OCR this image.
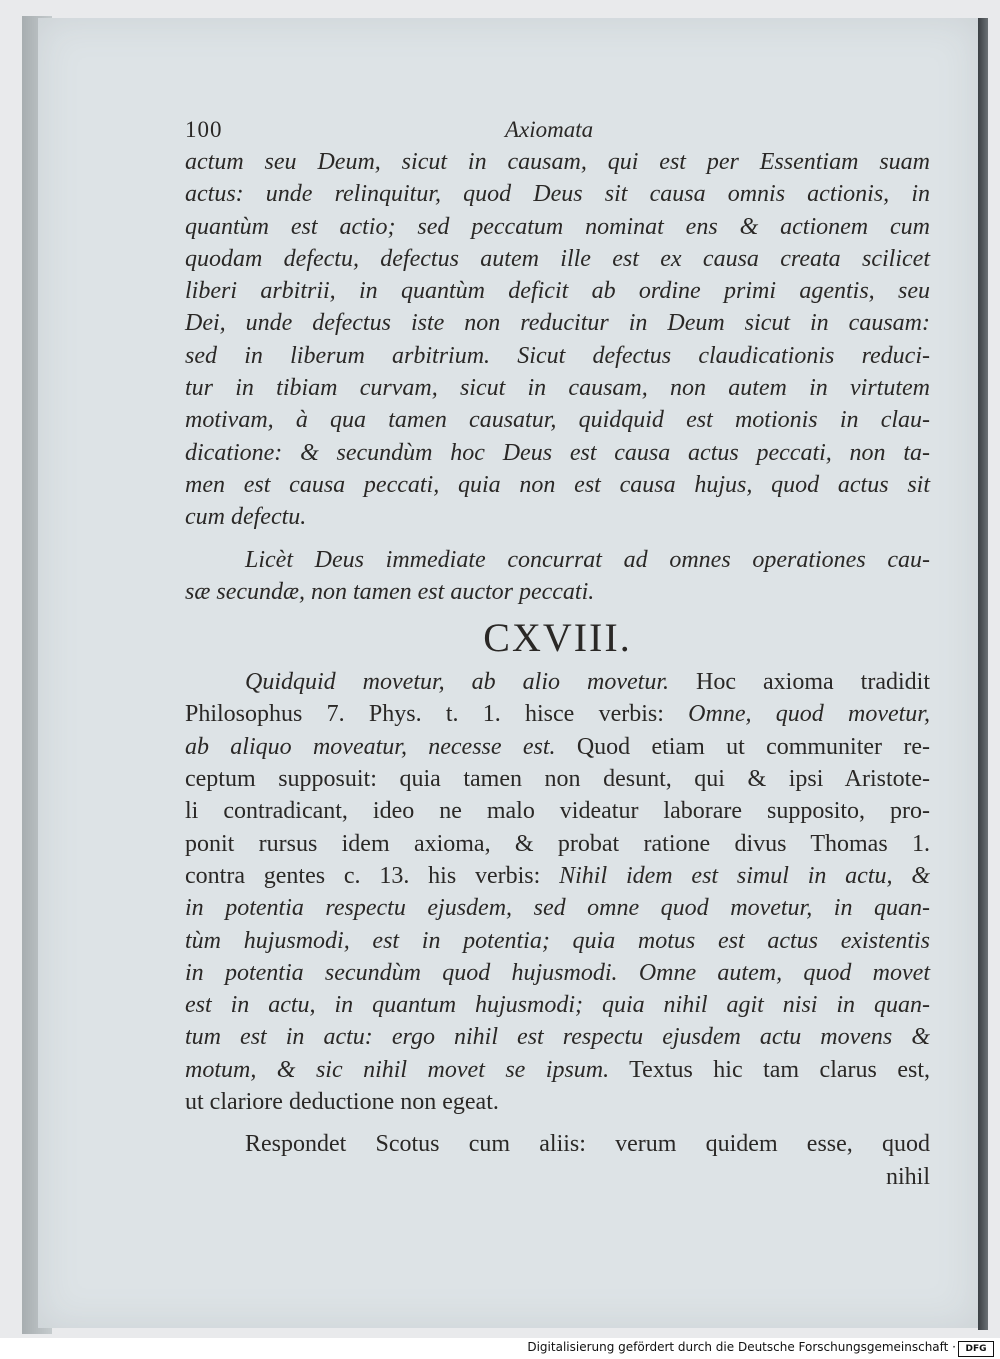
100	Axiomata
actum seu Deum, sicut in causam, qui est per Essentiam suam
actus: unde relinquitur, quod Deus sit causa omnis actionis, in
quantùm est actio; sed peccatum nominat ens & actionem cum
quodam defectu, defectus autem ille est ex causa creata scilicet
liberi arbitrii, in quantùm deficit ab ordine primi agentis, seu
Dei, unde defectus iste non reducitur in Deum sicut in causam:
sed in liberum arbitrium. Sicut defectus claudicationis reduci-
tur in tibiam curvam, sicut in causam, non autem in virtutem
motivam, à qua tamen causatur, quidquid est motionis in clau-
dicatione: & secundùm hoc Deus est causa actus peccati, non ta-
men est causa peccati, quia non est causa hujus, quod actus sit
cum defectu.
Licèt Deus immediate concurrat ad omnes operationes cau-
sæ secundæ, non tamen est auctor peccati.
CXVIII.
Quidquid movetur, ab alio movetur. Hoc axioma tradidit
Philosophus 7. Phys. t. 1. hisce verbis: Omne, quod movetur,
ab aliquo moveatur, necesse est. Quod etiam ut communiter re-
ceptum supposuit: quia tamen non desunt, qui & ipsi Aristote-
li contradicant, ideo ne malo videatur laborare supposito, pro-
ponit rursus idem axioma, & probat ratione divus Thomas 1.
contra gentes c. 13. his verbis: Nihil idem est simul in actu, &
in potentia respectu ejusdem, sed omne quod movetur, in quan-
tùm hujusmodi, est in potentia; quia motus est actus existentis
in potentia secundùm quod hujusmodi. Omne autem, quod movet
est in actu, in quantum hujusmodi; quia nihil agit nisi in quan-
tum est in actu: ergo nihil est respectu ejusdem actu movens &
motum, & sic nihil movet se ipsum. Textus hic tam clarus est,
ut clariore deductione non egeat.
Respondet Scotus cum aliis: verum quidem esse, quod
nihil
Digitalisierung gefördert durch die Deutsche Forschungsgemeinschaft ·	DFG
